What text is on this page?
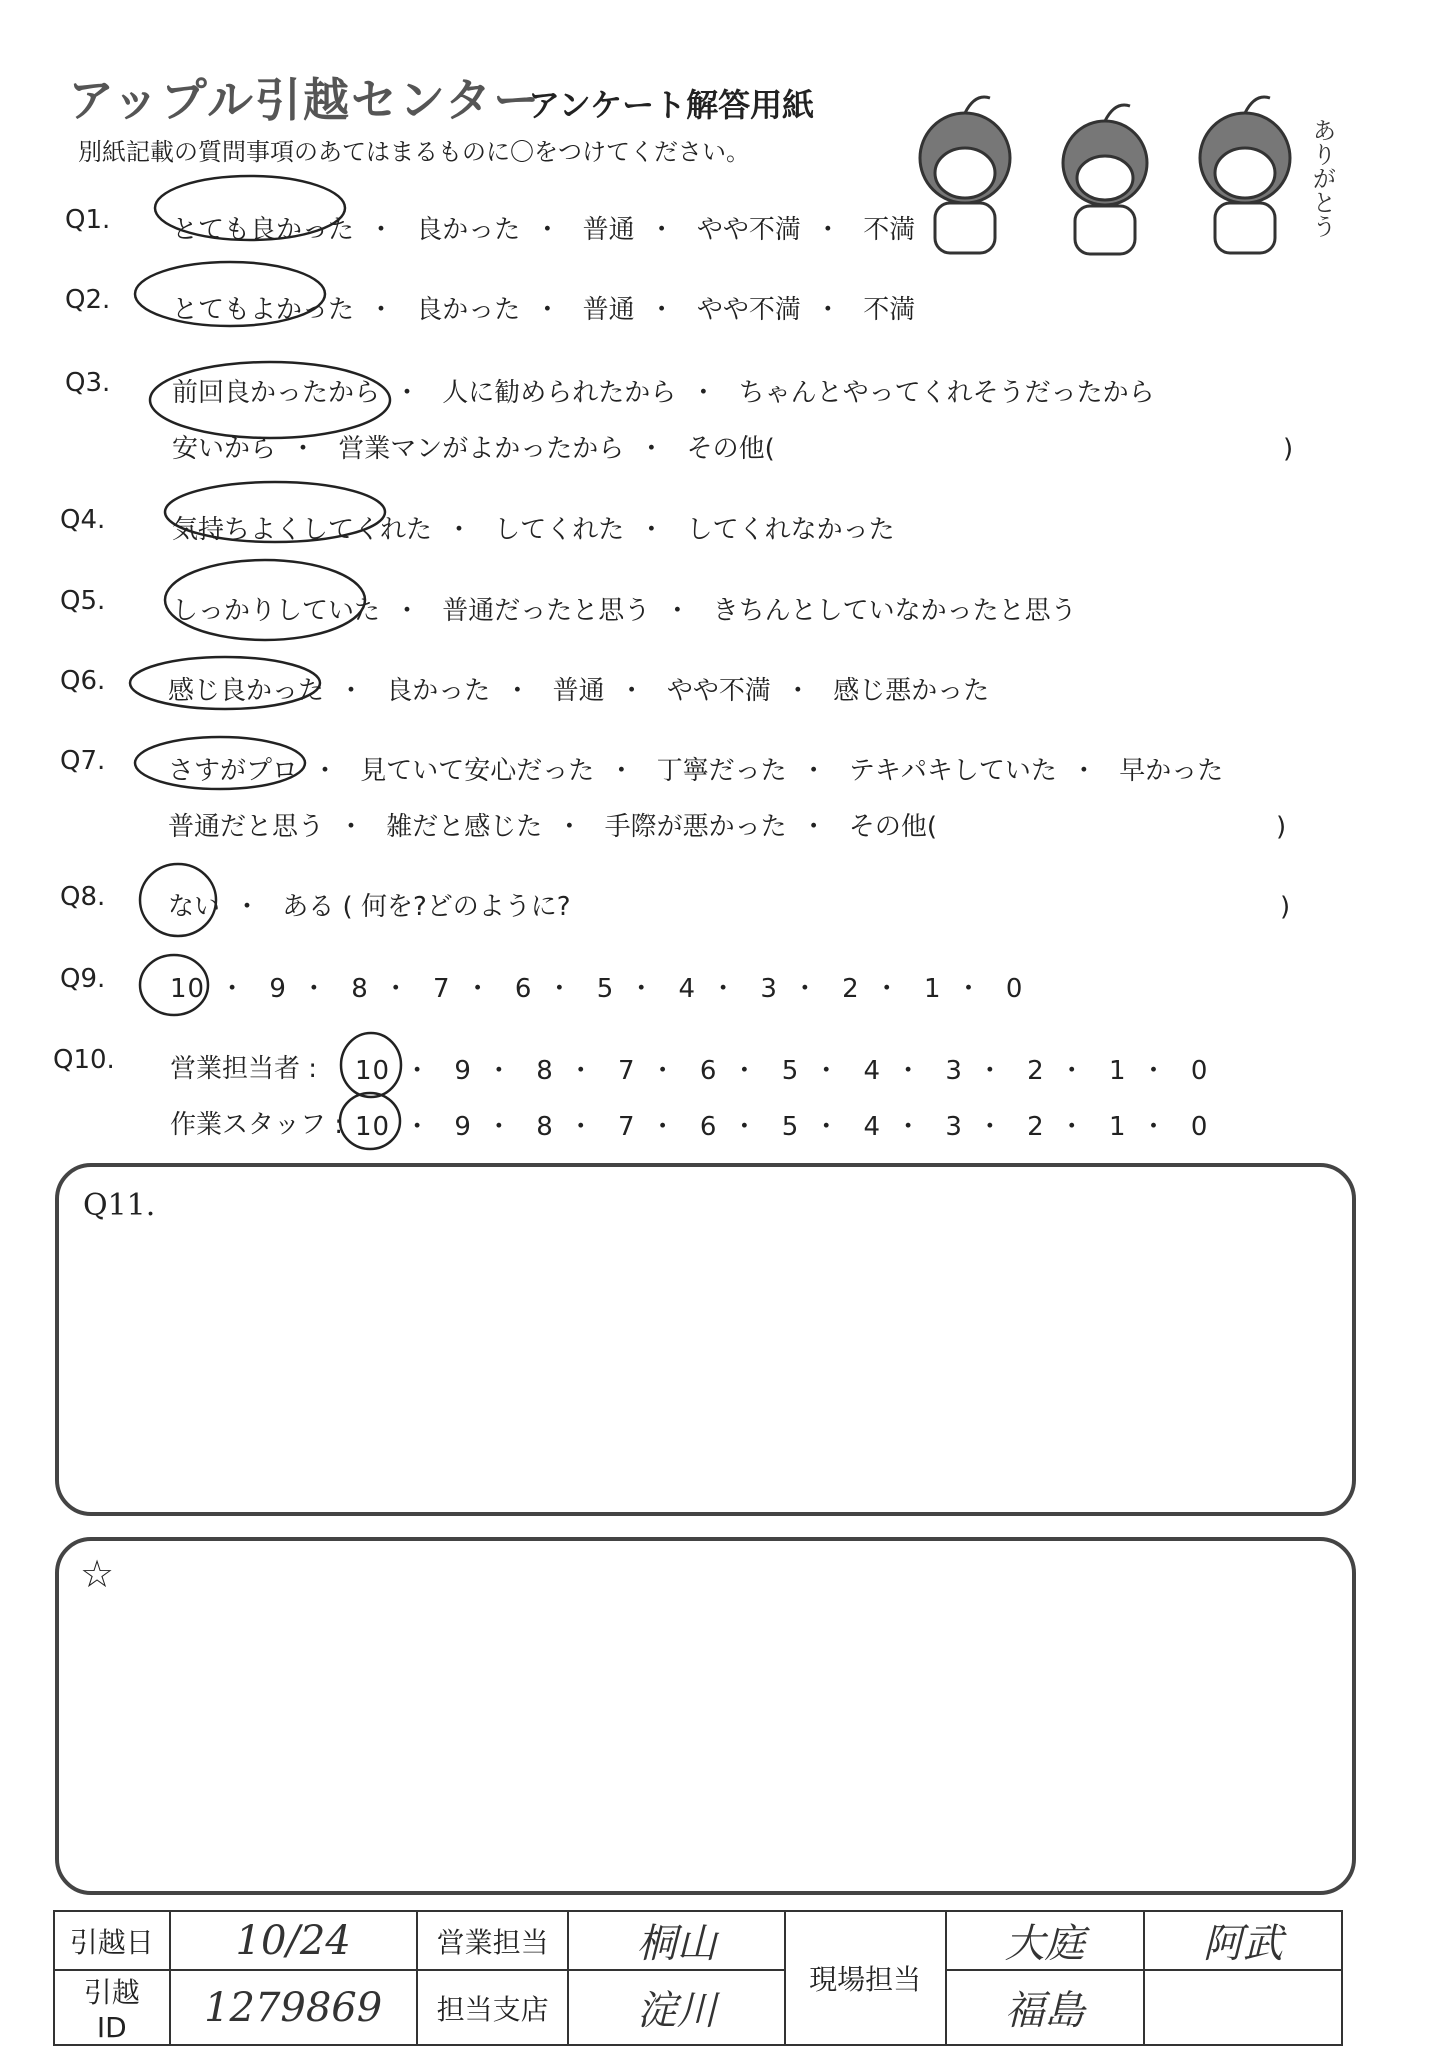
アップル引越センター
アンケート解答用紙
別紙記載の質問事項のあてはまるものに〇をつけてください。	ありがとう
Q1. とても良かった ・ 良かった ・ 普通 ・ やや不満 ・ 不満
Q2. とてもよかった ・ 良かった ・ 普通 ・ やや不満 ・ 不満
Q3. 前回良かったから ・ 人に勧められたから ・ ちゃんとやってくれそうだったから
安いから ・ 営業マンがよかったから ・ その他(	)
Q4.	気持ちよくしてくれた ・ してくれた ・ してくれなかった
Q5.	しっかりしていた ・ 普通だったと思う ・ きちんとしていなかったと思う
Q6. 感じ良かった ・ 良かった ・ 普通 ・ やや不満 ・ 感じ悪かった
Q7. さすがプロ ・ 見ていて安心だった ・ 丁寧だった ・ テキパキしていた ・ 早かった
普通だと思う ・ 雑だと感じた ・ 手際が悪かった ・ その他(	)
Q8. ない ・ ある ( 何を?どのように?	)
Q9. 10 ・ 9 ・ 8 ・ 7 ・ 6 ・ 5 ・ 4 ・ 3 ・ 2 ・ 1 ・ 0
Q10. 営業担当者 : 10 ・ 9 ・ 8 ・ 7 ・ 6 ・ 5 ・ 4 ・ 3 ・ 2 ・ 1 ・ 0
作業スタッフ : 10 ・ 9 ・ 8 ・ 7 ・ 6 ・ 5 ・ 4 ・ 3 ・ 2 ・ 1 ・ 0
Q11.
☆
引越日	10/24	営業担当	桐山	現場担当	大庭	阿武
引越 ID	1279869	担当支店	淀川		福島	
